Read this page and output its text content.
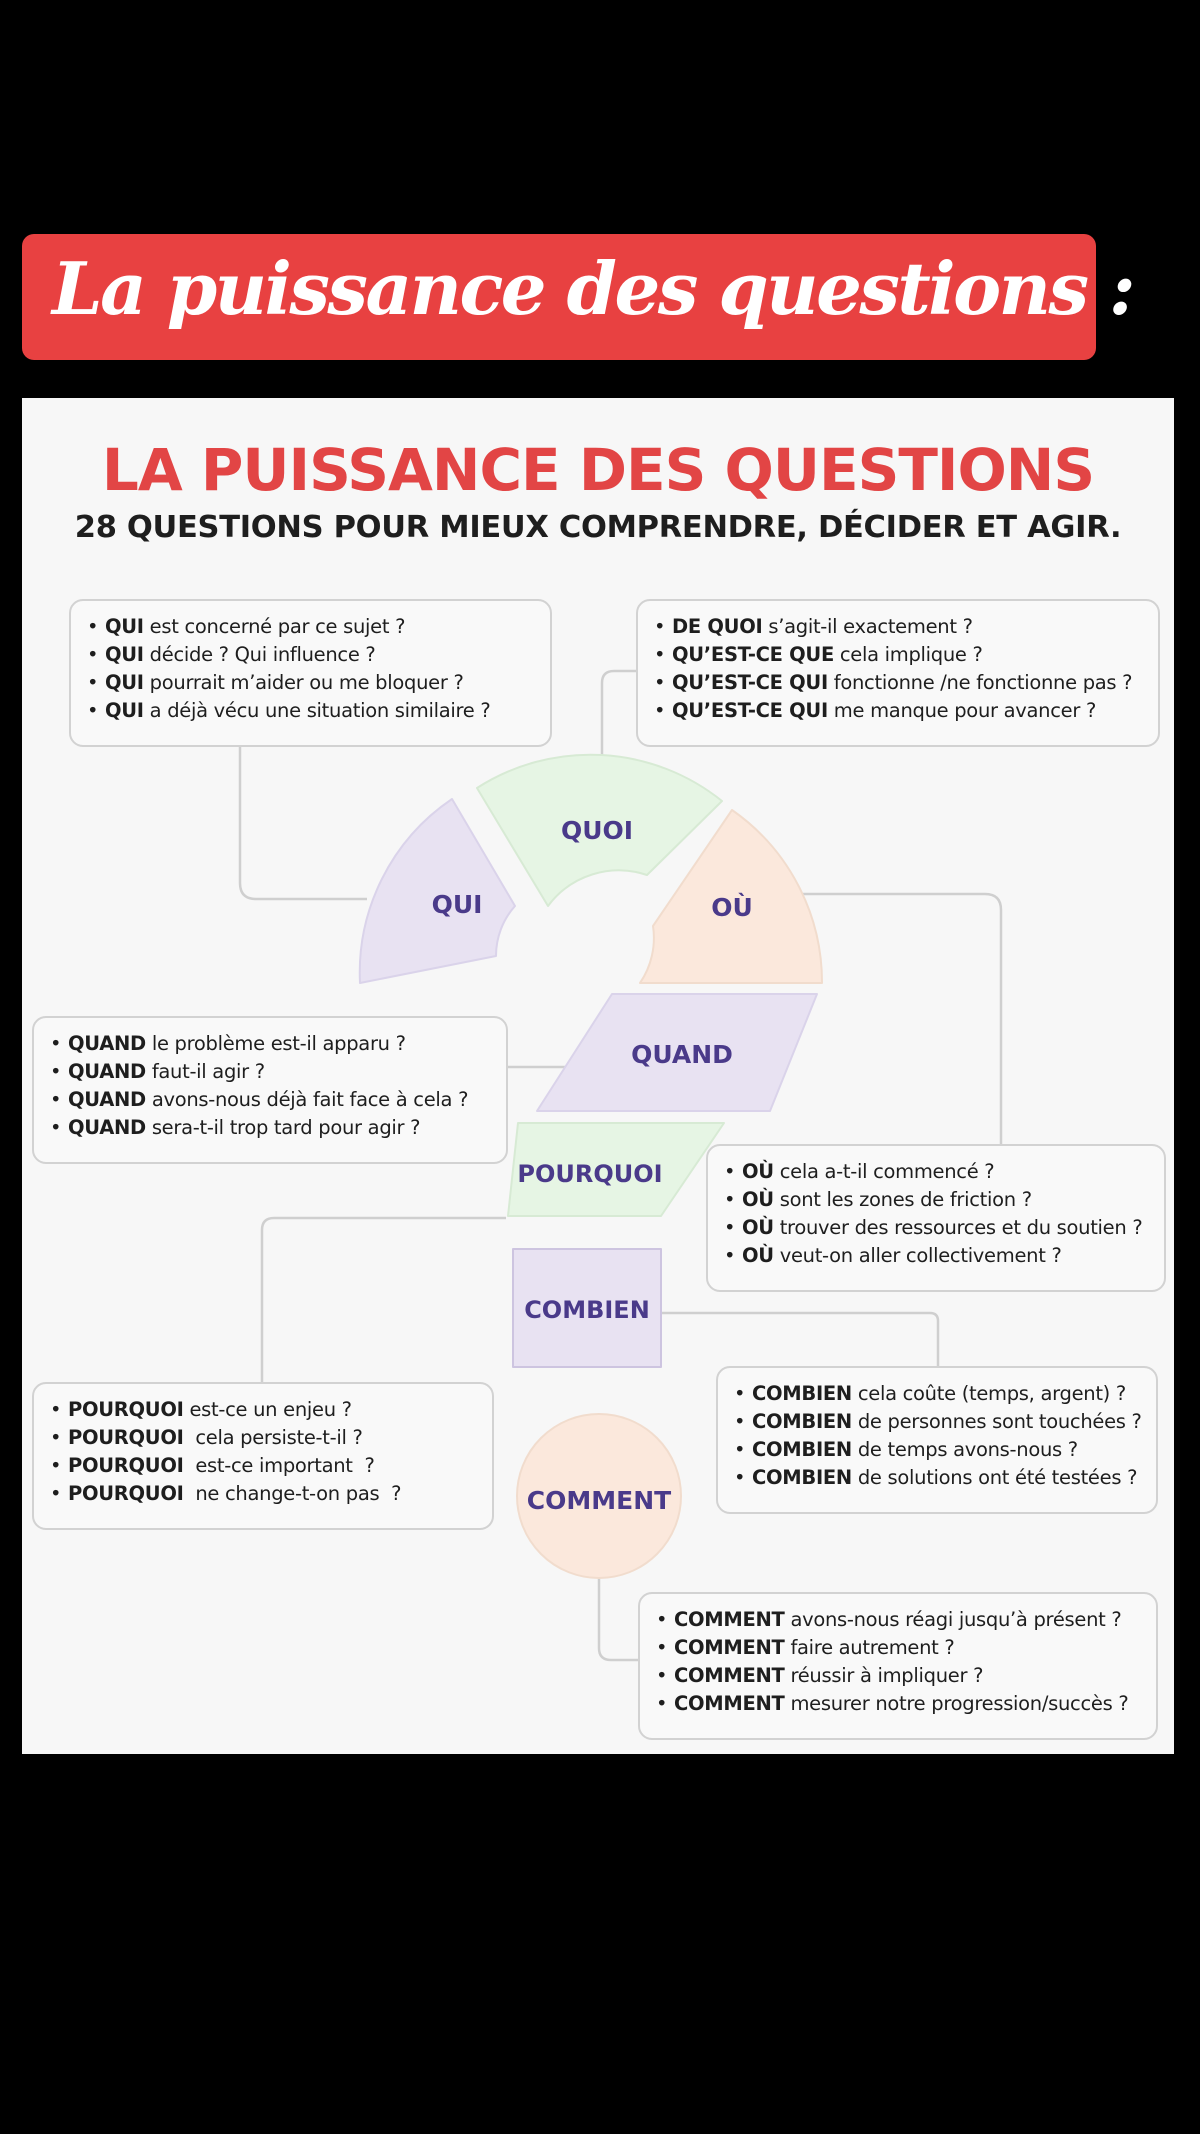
La puissance des questions :
LA PUISSANCE DES QUESTIONS
28 QUESTIONS POUR MIEUX COMPRENDRE, DÉCIDER ET AGIR.
QUI
QUOI
OÙ
QUAND
POURQUOI
COMBIEN
COMMENT
• QUI est concerné par ce sujet ?
• QUI décide ? Qui influence ?
• QUI pourrait m’aider ou me bloquer ?
• QUI a déjà vécu une situation similaire ?
• DE QUOI s’agit-il exactement ?
• QU’EST-CE QUE cela implique ?
• QU’EST-CE QUI fonctionne /ne fonctionne pas ?
• QU’EST-CE QUI me manque pour avancer ?
• QUAND le problème est-il apparu ?
• QUAND faut-il agir ?
• QUAND avons-nous déjà fait face à cela ?
• QUAND sera-t-il trop tard pour agir ?
• OÙ cela a-t-il commencé ?
• OÙ sont les zones de friction ?
• OÙ trouver des ressources et du soutien ?
• OÙ veut-on aller collectivement ?
• POURQUOI est-ce un enjeu ?
• POURQUOI  cela persiste-t-il ?
• POURQUOI  est-ce important  ?
• POURQUOI  ne change-t-on pas  ?
• COMBIEN cela coûte (temps, argent) ?
• COMBIEN de personnes sont touchées ?
• COMBIEN de temps avons-nous ?
• COMBIEN de solutions ont été testées ?
• COMMENT avons-nous réagi jusqu’à présent ?
• COMMENT faire autrement ?
• COMMENT réussir à impliquer ?
• COMMENT mesurer notre progression/succès ?
